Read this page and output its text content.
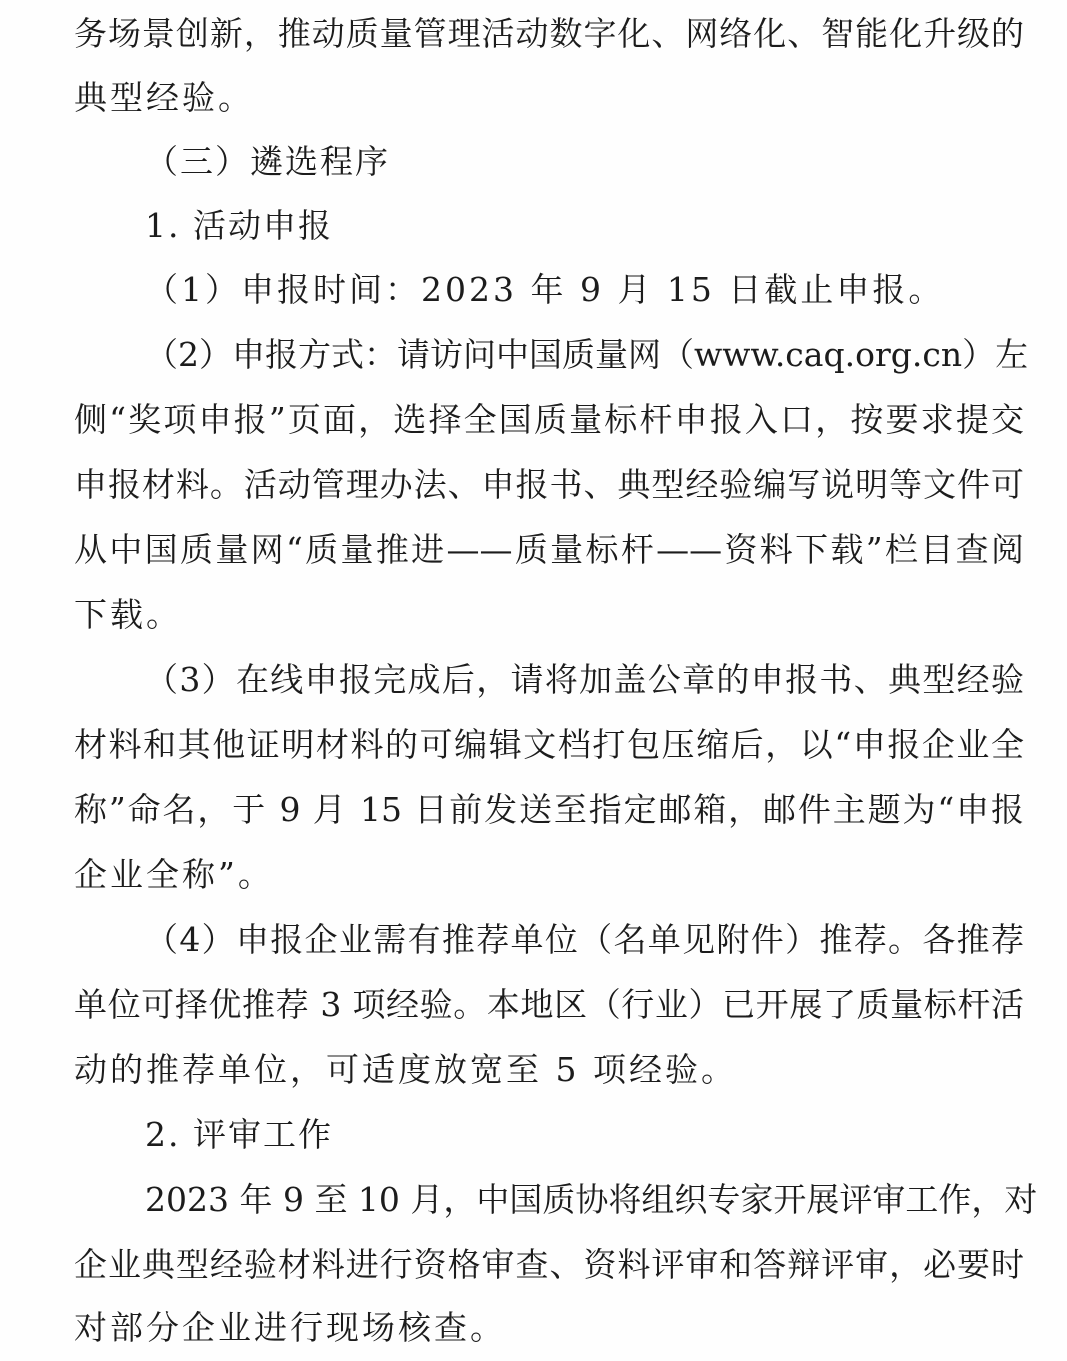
务场景创新，推动质量管理活动数字化、网络化、智能化升级的
典型经验。
（三）遴选程序
1. 活动申报
（1）申报时间：2023 年 9 月 15 日截止申报。
（2）申报方式：请访问中国质量网（www.caq.org.cn）左
侧“奖项申报”页面，选择全国质量标杆申报入口，按要求提交
申报材料。活动管理办法、申报书、典型经验编写说明等文件可
从中国质量网“质量推进——质量标杆——资料下载”栏目查阅
下载。
（3）在线申报完成后，请将加盖公章的申报书、典型经验
材料和其他证明材料的可编辑文档打包压缩后，以“申报企业全
称”命名，于 9 月 15 日前发送至指定邮箱，邮件主题为“申报
企业全称”。
（4）申报企业需有推荐单位（名单见附件）推荐。各推荐
单位可择优推荐 3 项经验。本地区（行业）已开展了质量标杆活
动的推荐单位，可适度放宽至 5 项经验。
2. 评审工作
2023 年 9 至 10 月，中国质协将组织专家开展评审工作，对
企业典型经验材料进行资格审查、资料评审和答辩评审，必要时
对部分企业进行现场核查。
